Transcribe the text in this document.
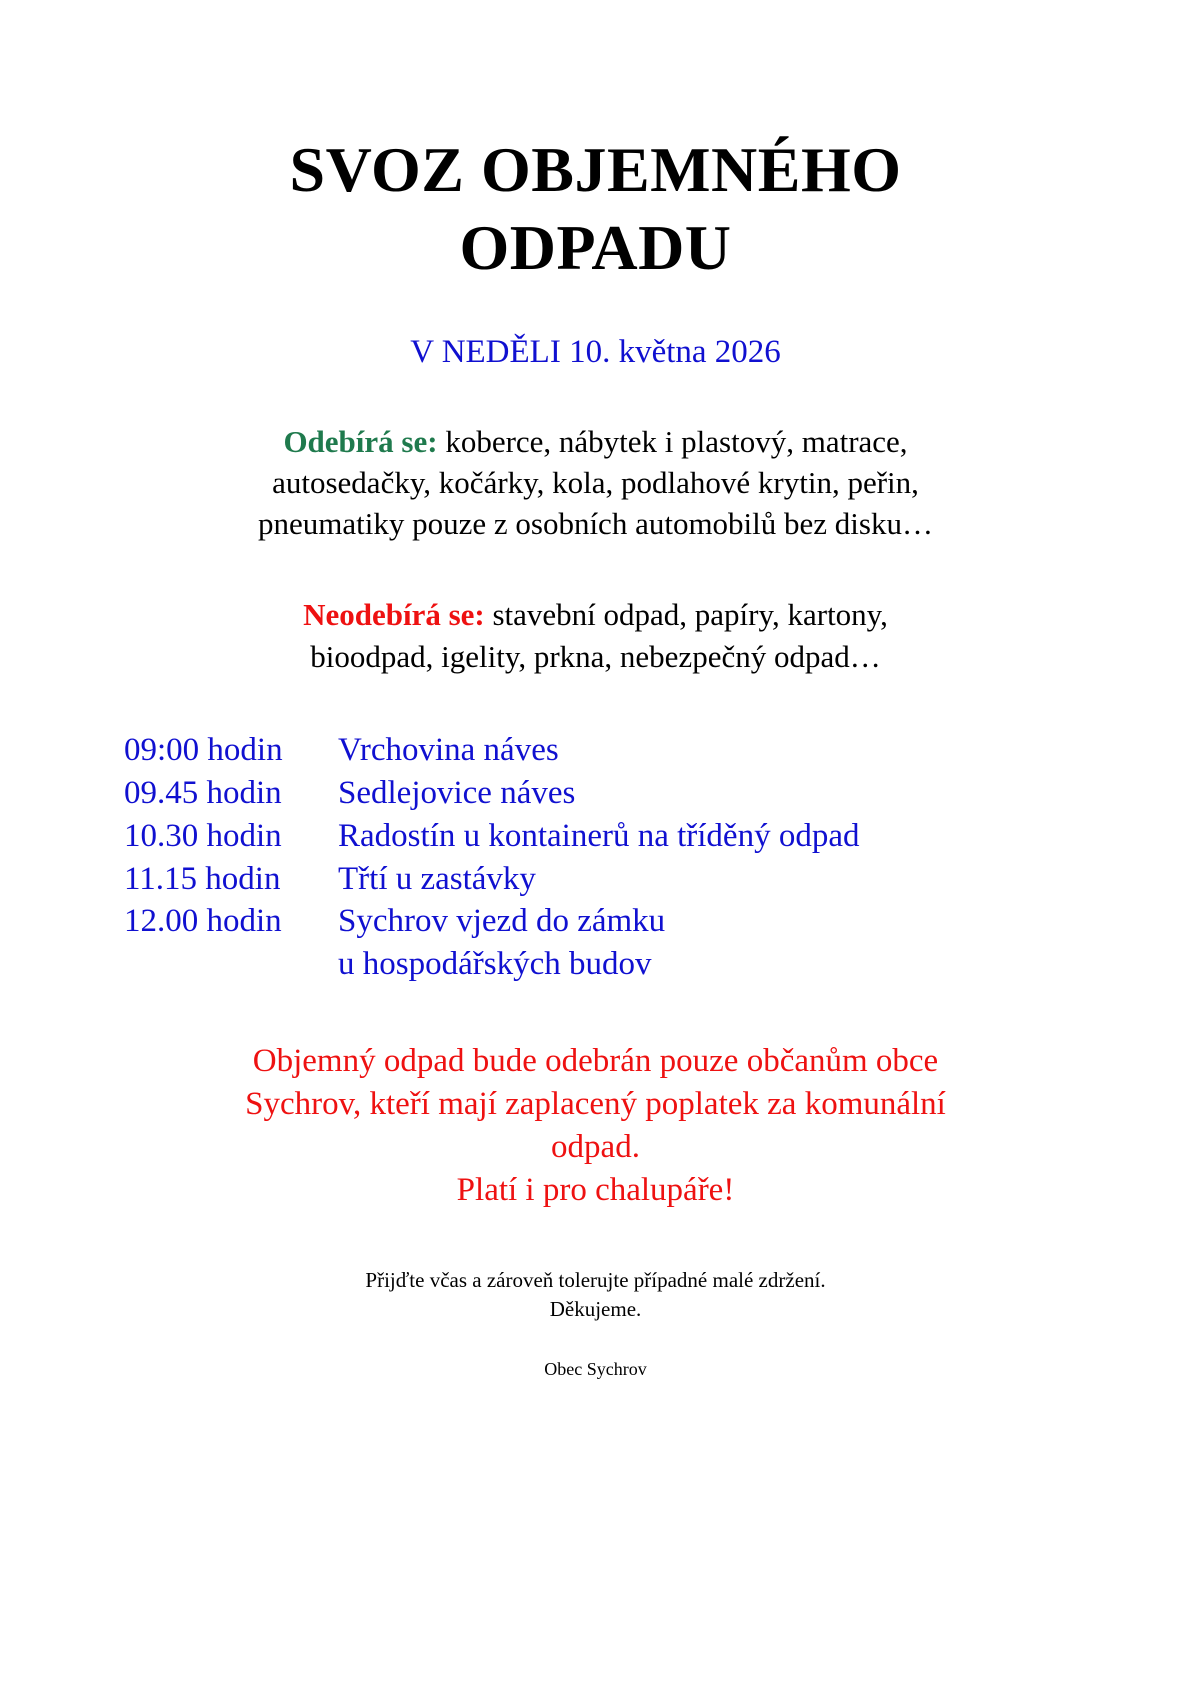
SVOZ OBJEMNÉHO
ODPADU
V NEDĚLI 10. května 2026
Odebírá se: koberce, nábytek i plastový, matrace,
autosedačky, kočárky, kola, podlahové krytin, peřin,
pneumatiky pouze z osobních automobilů bez disku…
Neodebírá se: stavební odpad, papíry, kartony,
bioodpad, igelity, prkna, nebezpečný odpad…
09:00 hodin	Vrchovina náves
09.45 hodin	Sedlejovice náves
10.30 hodin	Radostín u kontainerů na tříděný odpad
11.15 hodin	Třtí u zastávky
12.00 hodin	Sychrov vjezd do zámku
u hospodářských budov
Objemný odpad bude odebrán pouze občanům obce
Sychrov, kteří mají zaplacený poplatek za komunální
odpad.
Platí i pro chalupáře!
Přijďte včas a zároveň tolerujte případné malé zdržení.
Děkujeme.
Obec Sychrov
